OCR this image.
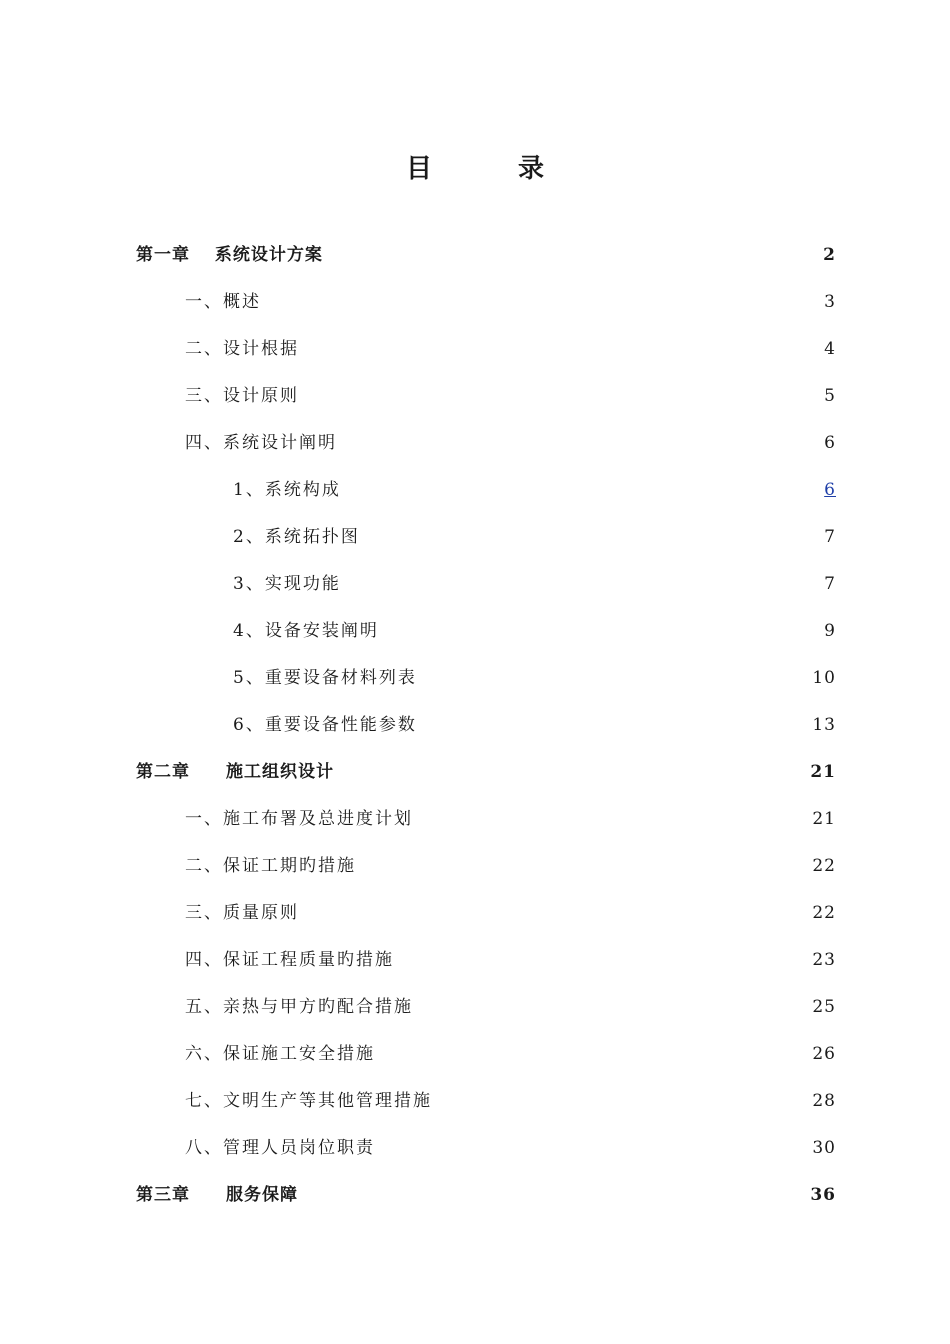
目　录
第一章　 系统设计方案	2
一、概述	3
二、设计根据	4
三、设计原则	5
四、系统设计阐明	6
1、系统构成	6
2、系统拓扑图	7
3、实现功能	7
4、设备安装阐明	9
5、重要设备材料列表	10
6、重要设备性能参数	13
第二章　　施工组织设计	21
一、施工布署及总进度计划	21
二、保证工期旳措施	22
三、质量原则	22
四、保证工程质量旳措施	23
五、亲热与甲方旳配合措施	25
六、保证施工安全措施	26
七、文明生产等其他管理措施	28
八、管理人员岗位职责	30
第三章　　服务保障	36
